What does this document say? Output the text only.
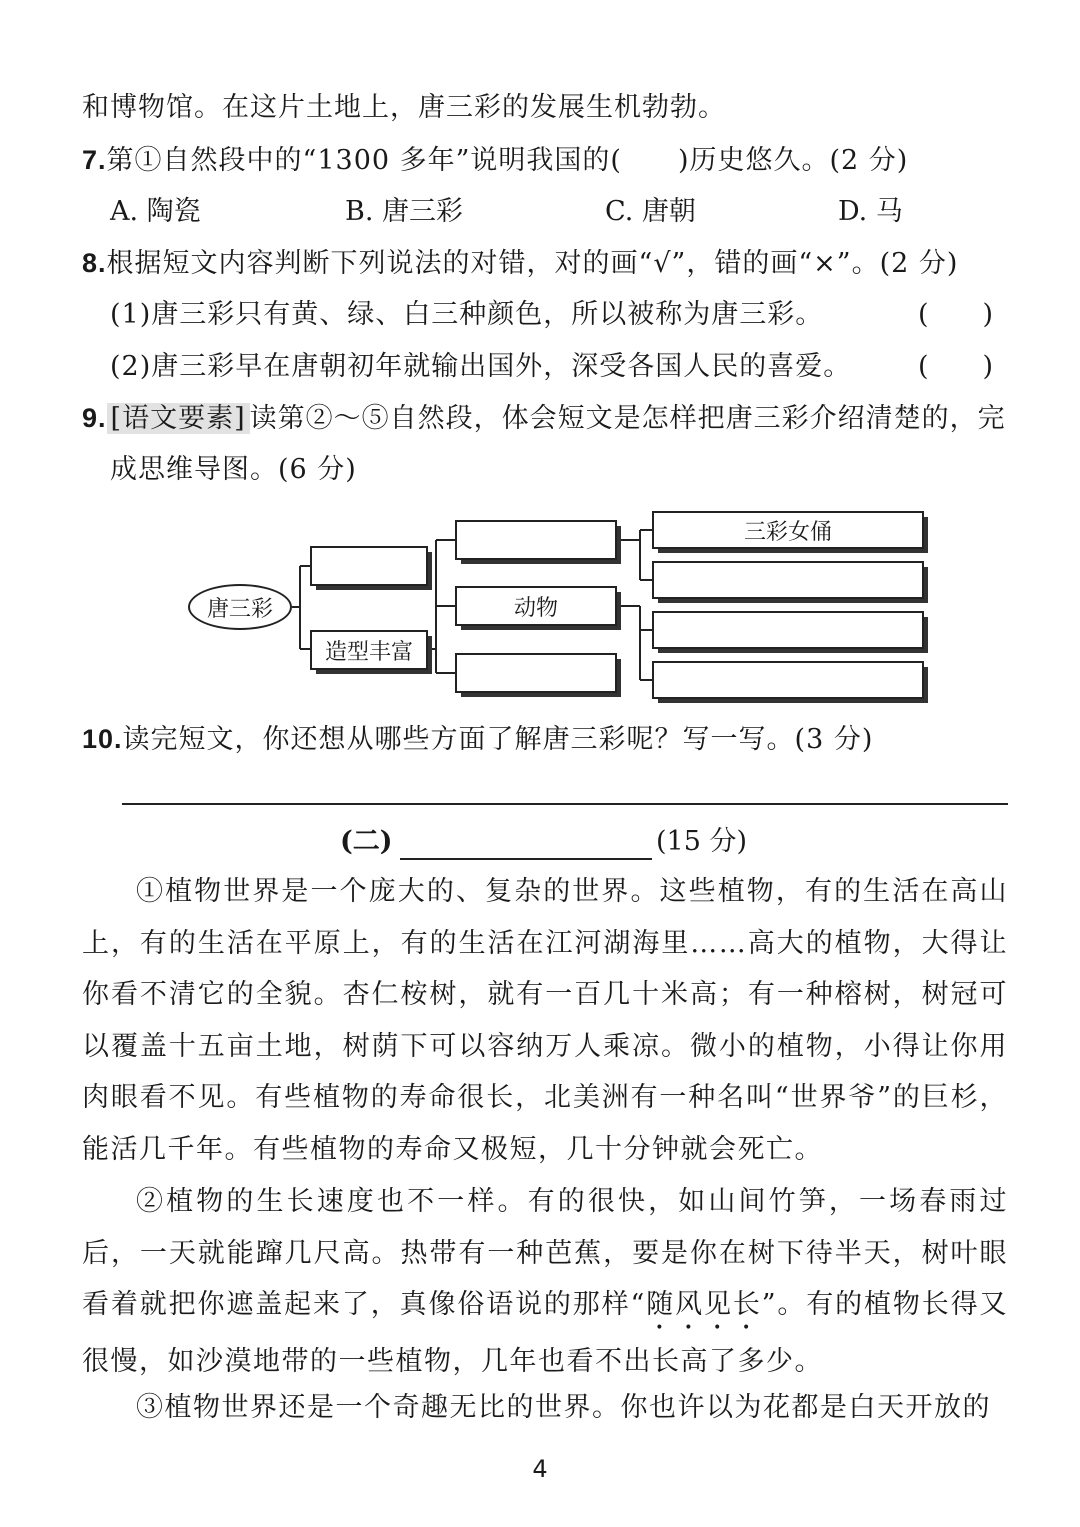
和博物馆。在这片土地上，唐三彩的发展生机勃勃。
7.第①自然段中的“1300 多年”说明我国的(　　)历史悠久。(2 分)
A. 陶瓷	B. 唐三彩	C. 唐朝	D. 马
8.根据短文内容判断下列说法的对错，对的画“√”，错的画“×”。(2 分)
(1)唐三彩只有黄、绿、白三种颜色，所以被称为唐三彩。	(　　)
(2)唐三彩早在唐朝初年就输出国外，深受各国人民的喜爱。	(　　)
9. [语文要素] 读第②～⑤自然段，体会短文是怎样把唐三彩介绍清楚的，完
成思维导图。(6 分)
唐三彩
造型丰富
动物
三彩女俑
10.读完短文，你还想从哪些方面了解唐三彩呢？写一写。(3 分)
(二)	(15 分)

①植物世界是一个庞大的、复杂的世界。这些植物，有的生活在高山上，有的生活在平原上，有的生活在江河湖海里……高大的植物，大得让你看不清它的全貌。杏仁桉树，就有一百几十米高；有一种榕树，树冠可以覆盖十五亩土地，树荫下可以容纳万人乘凉。微小的植物，小得让你用肉眼看不见。有些植物的寿命很长，北美洲有一种名叫“世界爷”的巨杉，能活几千年。有些植物的寿命又极短，几十分钟就会死亡。

②植物的生长速度也不一样。有的很快，如山间竹笋，一场春雨过后，一天就能蹿几尺高。热带有一种芭蕉，要是你在树下待半天，树叶眼看着就把你遮盖起来了，真像俗语说的那样“随风见长”。有的植物长得又很慢，如沙漠地带的一些植物，几年也看不出长高了多少。

③植物世界还是一个奇趣无比的世界。你也许以为花都是白天开放的

4
